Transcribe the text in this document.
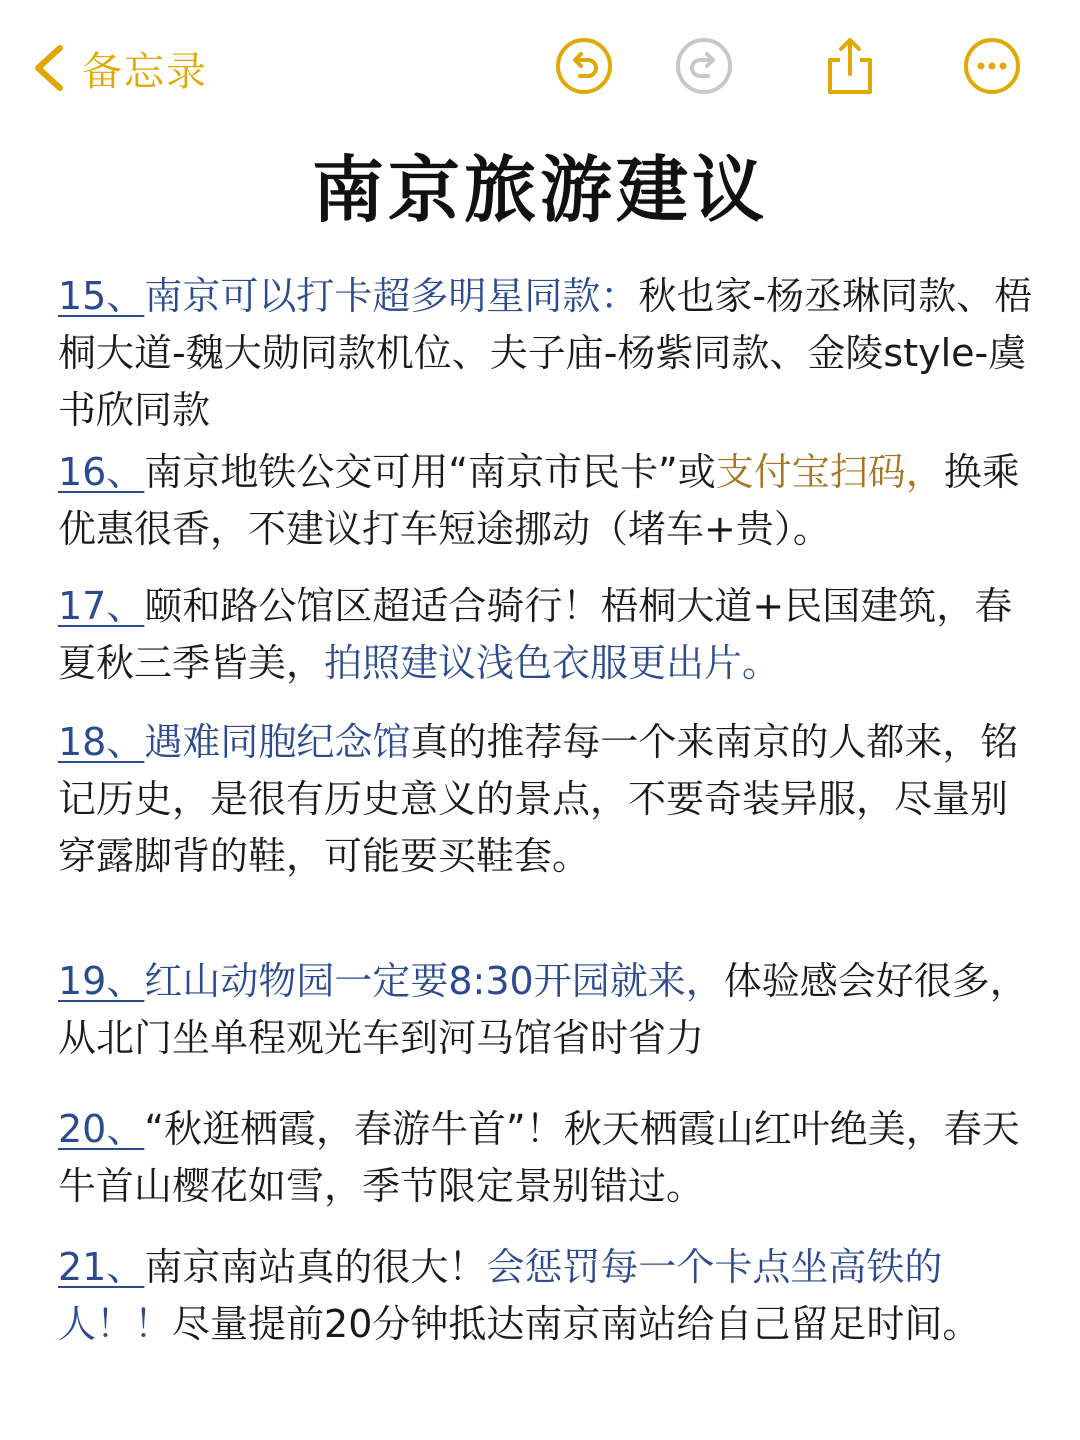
备忘录
南京旅游建议

15、南京可以打卡超多明星同款：秋也家-杨丞琳同款、梧桐大道-魏大勋同款机位、夫子庙-杨紫同款、金陵style-虞书欣同款

16、南京地铁公交可用“南京市民卡”或支付宝扫码，换乘优惠很香，不建议打车短途挪动（堵车+贵）。

17、颐和路公馆区超适合骑行！梧桐大道+民国建筑，春夏秋三季皆美，拍照建议浅色衣服更出片。

18、遇难同胞纪念馆真的推荐每一个来南京的人都来，铭记历史，是很有历史意义的景点，不要奇装异服，尽量别穿露脚背的鞋，可能要买鞋套。

19、红山动物园一定要8:30开园就来，体验感会好很多，从北门坐单程观光车到河马馆省时省力

20、“秋逛栖霞，春游牛首”！秋天栖霞山红叶绝美，春天牛首山樱花如雪，季节限定景别错过。

21、南京南站真的很大！会惩罚每一个卡点坐高铁的人！！尽量提前20分钟抵达南京南站给自己留足时间。
